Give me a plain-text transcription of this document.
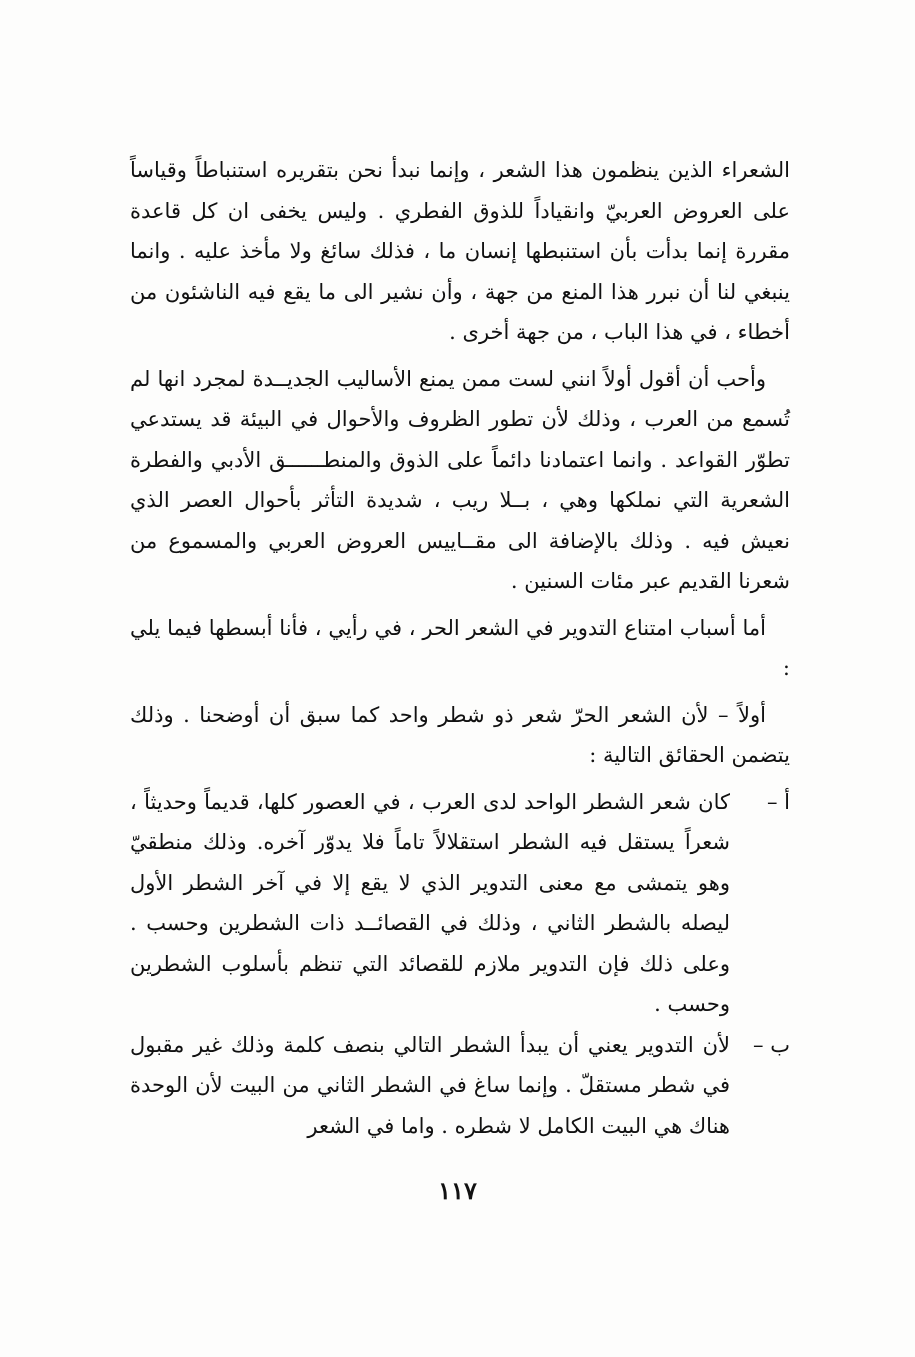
الشعراء الذين ينظمون هذا الشعر ، وإنما نبدأ نحن بتقريره استنباطاً وقياساً على العروض العربيّ وانقياداً للذوق الفطري . وليس يخفى ان كل قاعدة مقررة إنما بدأت بأن استنبطها إنسان ما ، فذلك سائغ ولا مأخذ عليه . وانما ينبغي لنا أن نبرر هذا المنع من جهة ، وأن نشير الى ما يقع فيه الناشئون من أخطاء ، في هذا الباب ، من جهة أخرى .

وأحب أن أقول أولاً انني لست ممن يمنع الأساليب الجديــدة لمجرد انها لم تُسمع من العرب ، وذلك لأن تطور الظروف والأحوال في البيئة قد يستدعي تطوّر القواعد . وانما اعتمادنا دائماً على الذوق والمنطــــــق الأدبي والفطرة الشعرية التي نملكها وهي ، بــلا ريب ، شديدة التأثر بأحوال العصر الذي نعيش فيه . وذلك بالإضافة الى مقــاييس العروض العربي والمسموع من شعرنا القديم عبر مئات السنين .

أما أسباب امتناع التدوير في الشعر الحر ، في رأيي ، فأنا أبسطها فيما يلي :

أولاً – لأن الشعر الحرّ شعر ذو شطر واحد كما سبق أن أوضحنا . وذلك يتضمن الحقائق التالية :

أ –
كان شعر الشطر الواحد لدى العرب ، في العصور كلها، قديماً وحديثاً ، شعراً يستقل فيه الشطر استقلالاً تاماً فلا يدوّر آخره. وذلك منطقيّ وهو يتمشى مع معنى التدوير الذي لا يقع إلا في آخر الشطر الأول ليصله بالشطر الثاني ، وذلك في القصائــد ذات الشطرين وحسب . وعلى ذلك فإن التدوير ملازم للقصائد التي تنظم بأسلوب الشطرين وحسب .
ب –
لأن التدوير يعني أن يبدأ الشطر التالي بنصف كلمة وذلك غير مقبول في شطر مستقلّ . وإنما ساغ في الشطر الثاني من البيت لأن الوحدة هناك هي البيت الكامل لا شطره . واما في الشعر
١١٧
